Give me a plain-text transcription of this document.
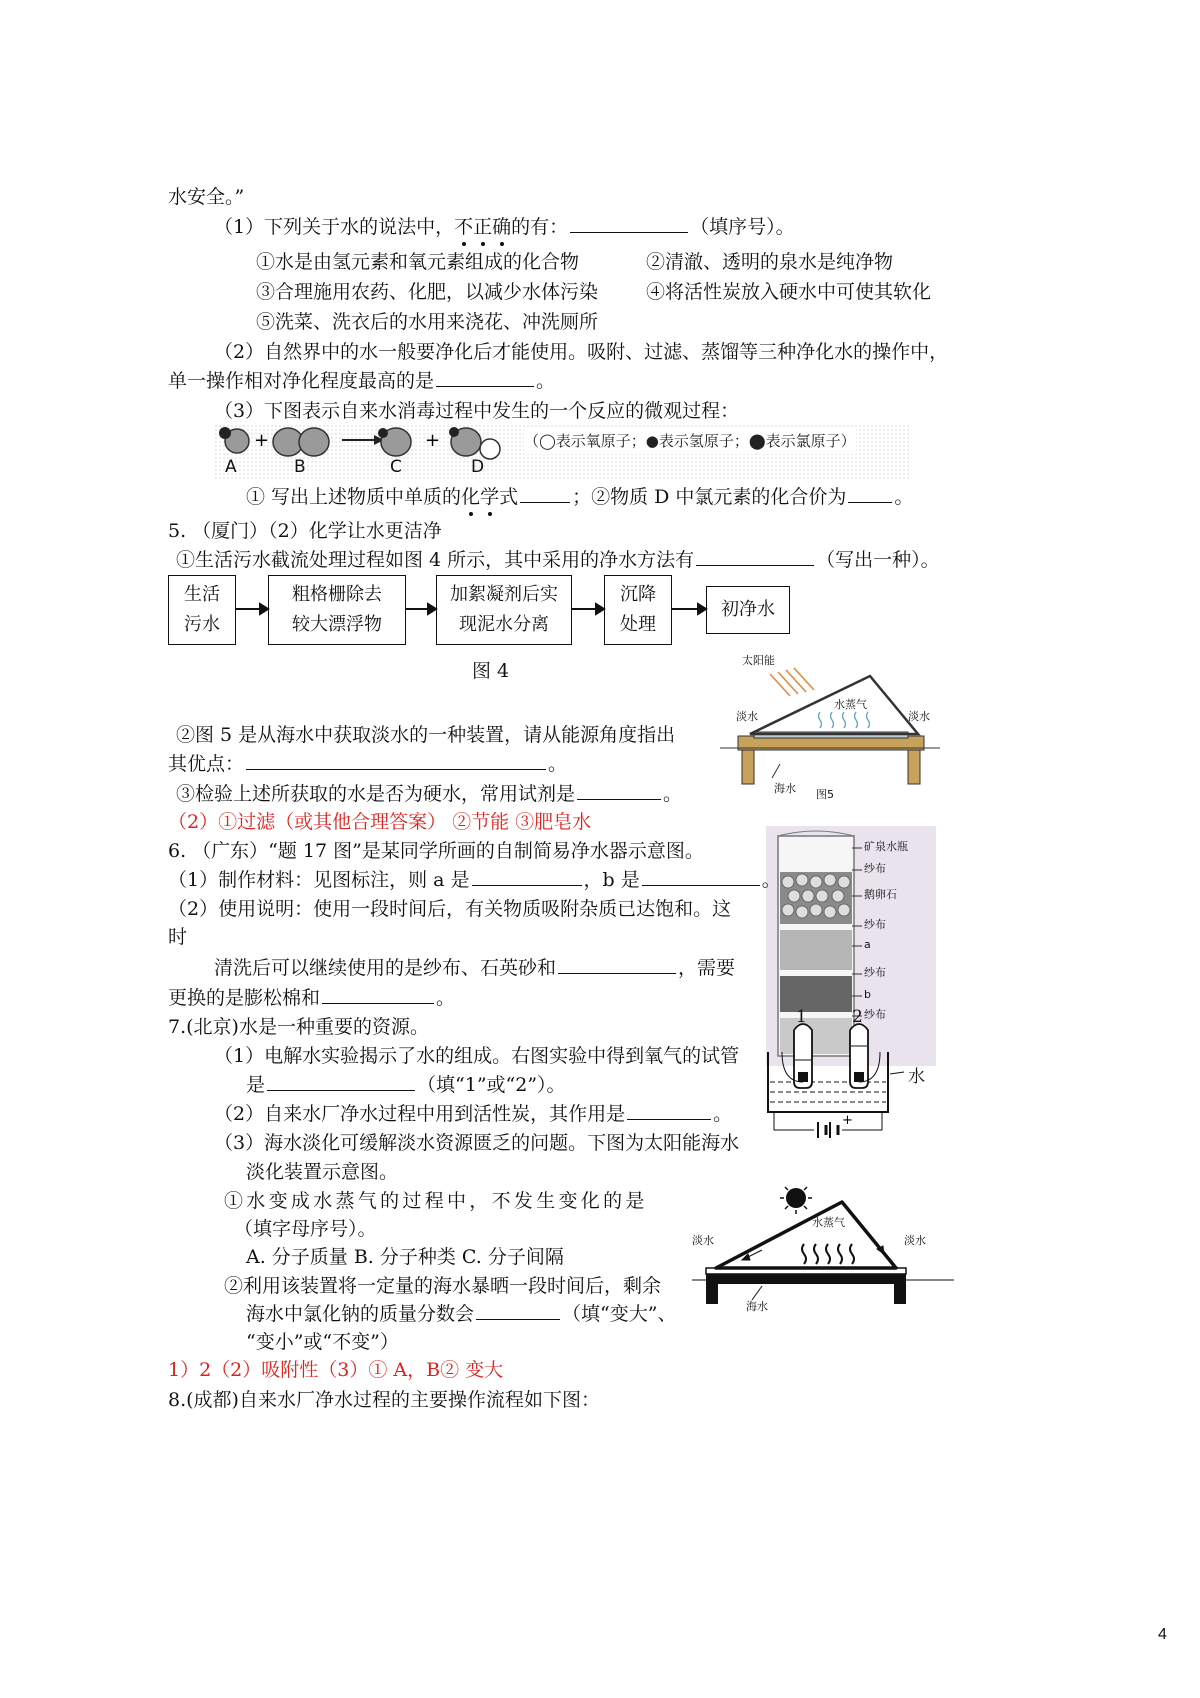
水安全。”
（1）下列关于水的说法中，不正确的有：	（填序号）。
①水是由氢元素和氧元素组成的化合物	②清澈、透明的泉水是纯净物
③合理施用农药、化肥，以减少水体污染	④将活性炭放入硬水中可使其软化
⑤洗菜、洗衣后的水用来浇花、冲洗厕所
（2）自然界中的水一般要净化后才能使用。吸附、过滤、蒸馏等三种净化水的操作中，
单一操作相对净化程度最高的是	。
（3）下图表示自来水消毒过程中发生的一个反应的微观过程：
+	+
A	B	C	D
（◯表示氧原子；●表示氢原子；⬤表示氯原子）
① 写出上述物质中单质的化学式	；②物质 D 中氯元素的化合价为	。
5. （厦门）（2）化学让水更洁净
①生活污水截流处理过程如图 4 所示，其中采用的净水方法有	（写出一种）。
生活
污水
粗格栅除去
较大漂浮物
加絮凝剂后实
现泥水分离
沉降
处理
初净水
图 4	太阳能
淡水
水蒸气
淡水
海水 图5
②图 5 是从海水中获取淡水的一种装置，请从能源角度指出
其优点：	。
③检验上述所获取的水是否为硬水，常用试剂是	。
（2）①过滤（或其他合理答案） ②节能 ③肥皂水
矿泉水瓶
纱布
鹅卵石
纱布
a
纱布
b
纱布
6. （广东）“题 17 图”是某同学所画的自制简易净水器示意图。
（1）制作材料：见图标注，则 a 是	，b 是	。
（2）使用说明：使用一段时间后，有关物质吸附杂质已达饱和。这
时
清洗后可以继续使用的是纱布、石英砂和	，需要
更换的是膨松棉和	。
+
1	2
水
7.(北京)水是一种重要的资源。
（1）电解水实验揭示了水的组成。右图实验中得到氧气的试管
是	（填“1”或“2”）。
（2）自来水厂净水过程中用到活性炭，其作用是	。
（3）海水淡化可缓解淡水资源匮乏的问题。下图为太阳能海水
淡化装置示意图。
①水变成水蒸气的过程中，不发生变化的是
（填字母序号）。
A. 分子质量 B. 分子种类 C. 分子间隔
②利用该装置将一定量的海水暴晒一段时间后，剩余
海水中氯化钠的质量分数会	（填“变大”、
“变小”或“不变”）
1）2（2）吸附性（3）① A，B② 变大
淡水
水蒸气
淡水
海水
8.(成都)自来水厂净水过程的主要操作流程如下图：
4
